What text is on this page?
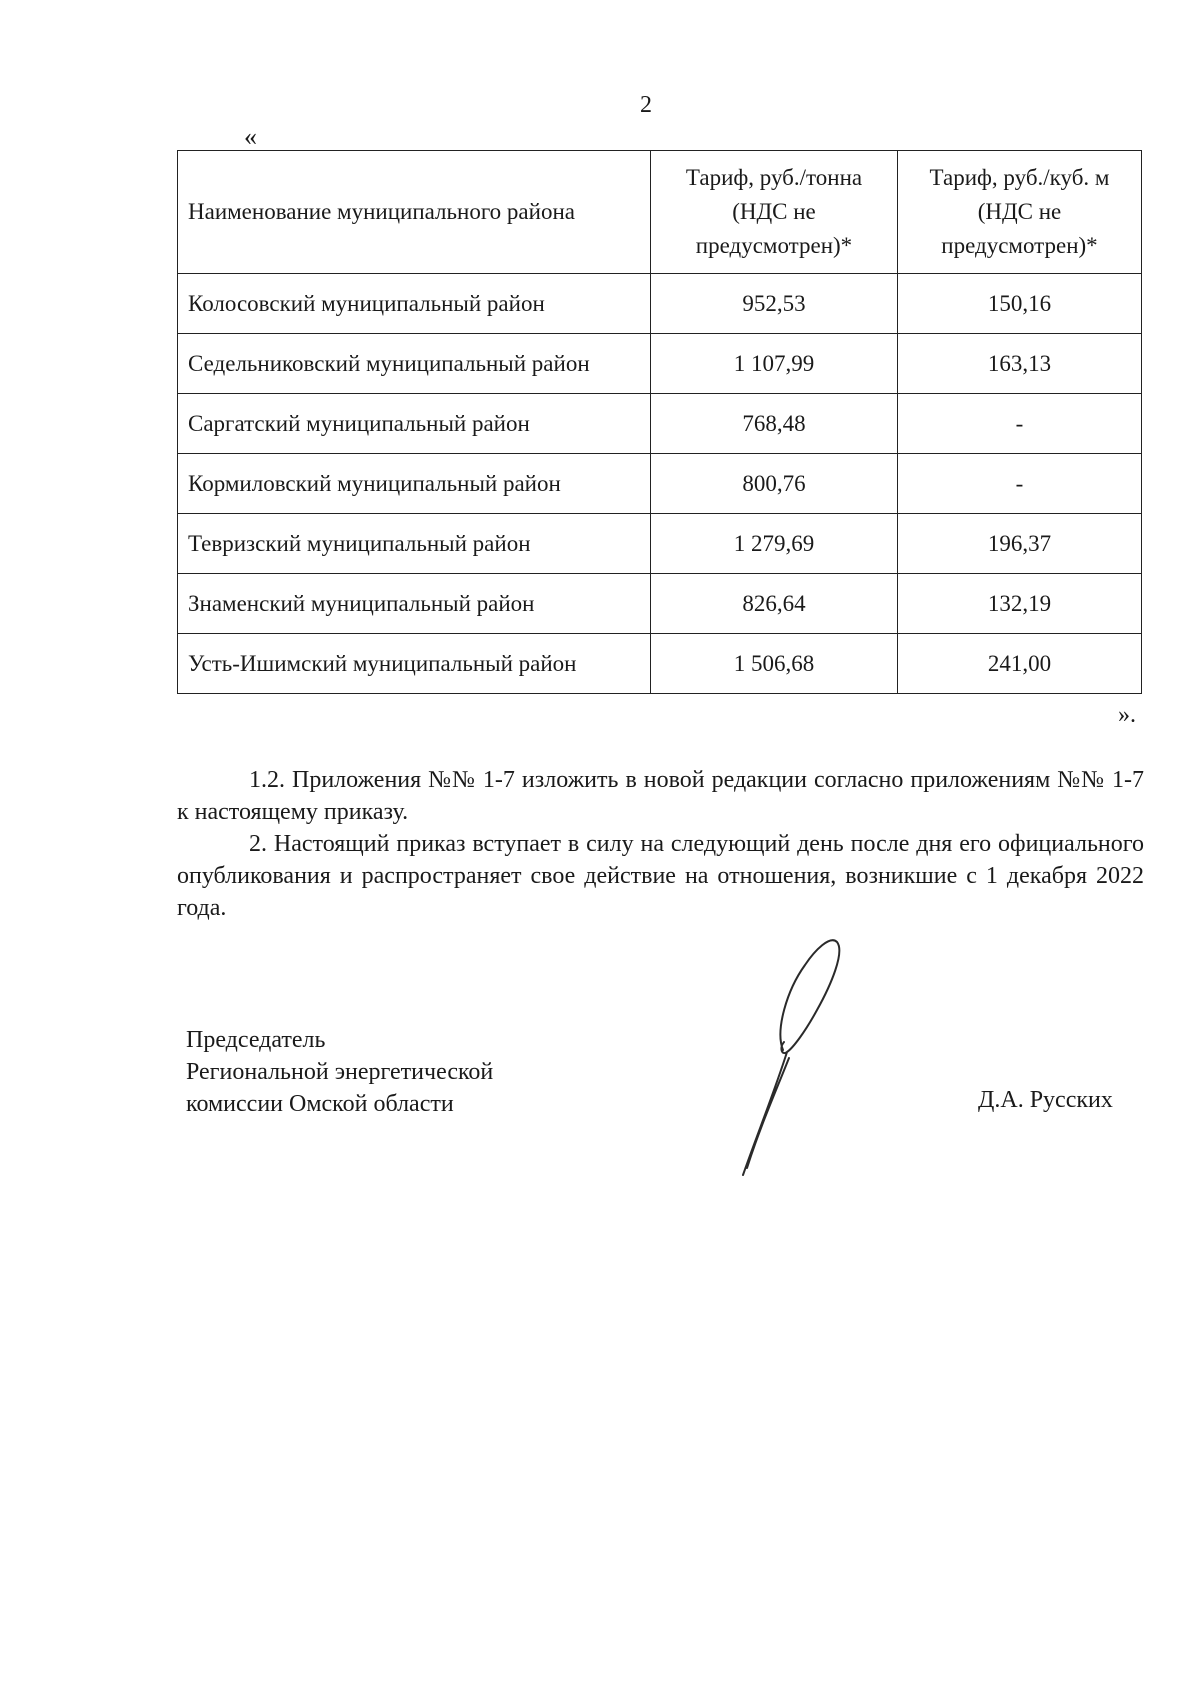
2
«
Наименование муниципального района	Тариф, руб./тонна (НДС не предусмотрен)*	Тариф, руб./куб. м (НДС не предусмотрен)*
Колосовский муниципальный район	952,53	150,16
Седельниковский муниципальный район	1 107,99	163,13
Саргатский муниципальный район	768,48	-
Кормиловский муниципальный район	800,76	-
Тевризский муниципальный район	1 279,69	196,37
Знаменский муниципальный район	826,64	132,19
Усть-Ишимский муниципальный район	1 506,68	241,00
».

1.2. Приложения №№ 1-7 изложить в новой редакции согласно приложениям №№ 1-7 к настоящему приказу.

2. Настоящий приказ вступает в силу на следующий день после дня его официального опубликования и распространяет свое действие на отношения, возникшие с 1 декабря 2022 года.

Председатель
Региональной энергетической
комиссии Омской области	Д.А. Русских
